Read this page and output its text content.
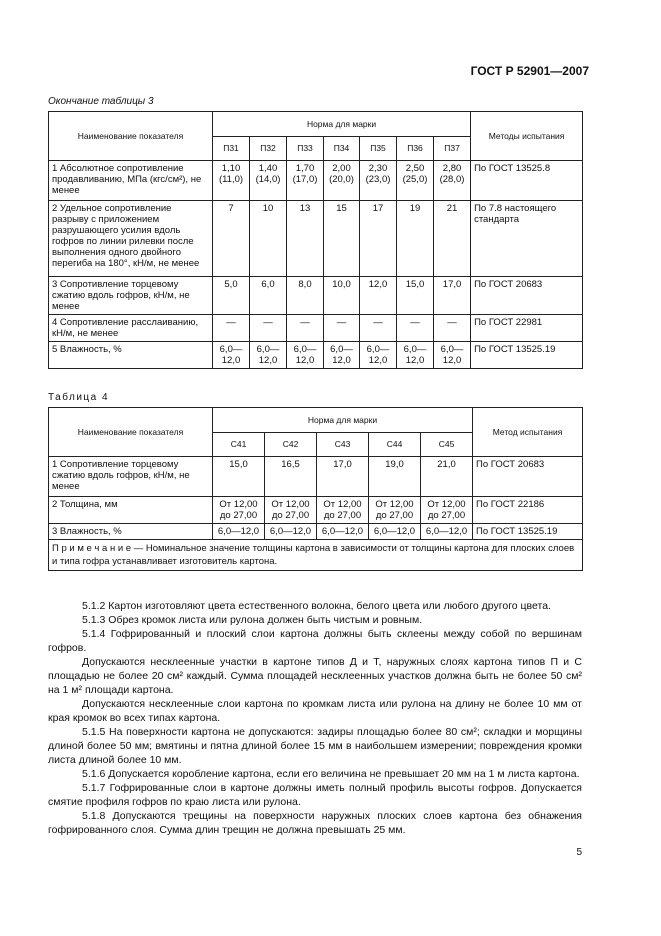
ГОСТ Р 52901—2007
Окончание таблицы 3
Наименование показателя	Норма для марки							Методы испытания
	П31	П32	П33	П34	П35	П36	П37	
1 Абсолютное сопротивление продавливанию, МПа (кгс/см²), не менее	1,10 (11,0)	1,40 (14,0)	1,70 (17,0)	2,00 (20,0)	2,30 (23,0)	2,50 (25,0)	2,80 (28,0)	По ГОСТ 13525.8
2 Удельное сопротивление разрыву с приложением разрушающего усилия вдоль гофров по линии рилевки после выполнения одного двойного перегиба на 180°, кН/м, не менее	7	10	13	15	17	19	21	По 7.8 настоящего стандарта
3 Сопротивление торцевому сжатию вдоль гофров, кН/м, не менее	5,0	6,0	8,0	10,0	12,0	15,0	17,0	По ГОСТ 20683
4 Сопротивление расслаиванию, кН/м, не менее	—	—	—	—	—	—	—	По ГОСТ 22981
5 Влажность, %	6,0— 12,0	6,0— 12,0	6,0— 12,0	6,0— 12,0	6,0— 12,0	6,0— 12,0	6,0— 12,0	По ГОСТ 13525.19
Таблица 4
Наименование показателя	Норма для марки					Метод испытания
	С41	С42	С43	С44	С45	
1 Сопротивление торцевому сжатию вдоль гофров, кН/м, не менее	15,0	16,5	17,0	19,0	21,0	По ГОСТ 20683
2 Толщина, мм	От 12,00 до 27,00	От 12,00 до 27,00	От 12,00 до 27,00	От 12,00 до 27,00	От 12,00 до 27,00	По ГОСТ 22186
3 Влажность, %	6,0—12,0	6,0—12,0	6,0—12,0	6,0—12,0	6,0—12,0	По ГОСТ 13525.19
П р и м е ч а н и е — Номинальное значение толщины картона в зависимости от толщины картона для плоских слоев и типа гофра устанавливает изготовитель картона.						

5.1.2 Картон изготовляют цвета естественного волокна, белого цвета или любого другого цвета.

5.1.3 Обрез кромок листа или рулона должен быть чистым и ровным.

5.1.4 Гофрированный и плоский слои картона должны быть склеены между собой по вершинам гофров.

Допускаются несклеенные участки в картоне типов Д и Т, наружных слоях картона типов П и С площадью не более 20 см² каждый. Сумма площадей несклеенных участков должна быть не более 50 см² на 1 м² площади картона.

Допускаются несклеенные слои картона по кромкам листа или рулона на длину не более 10 мм от края кромок во всех типах картона.

5.1.5 На поверхности картона не допускаются: задиры площадью более 80 см²; складки и морщины длиной более 50 мм; вмятины и пятна длиной более 15 мм в наибольшем измерении; повреждения кромки листа длиной более 10 мм.

5.1.6 Допускается коробление картона, если его величина не превышает 20 мм на 1 м листа картона.

5.1.7 Гофрированные слои в картоне должны иметь полный профиль высоты гофров. Допускается смятие профиля гофров по краю листа или рулона.

5.1.8 Допускаются трещины на поверхности наружных плоских слоев картона без обнажения гофрированного слоя. Сумма длин трещин не должна превышать 25 мм.

5
